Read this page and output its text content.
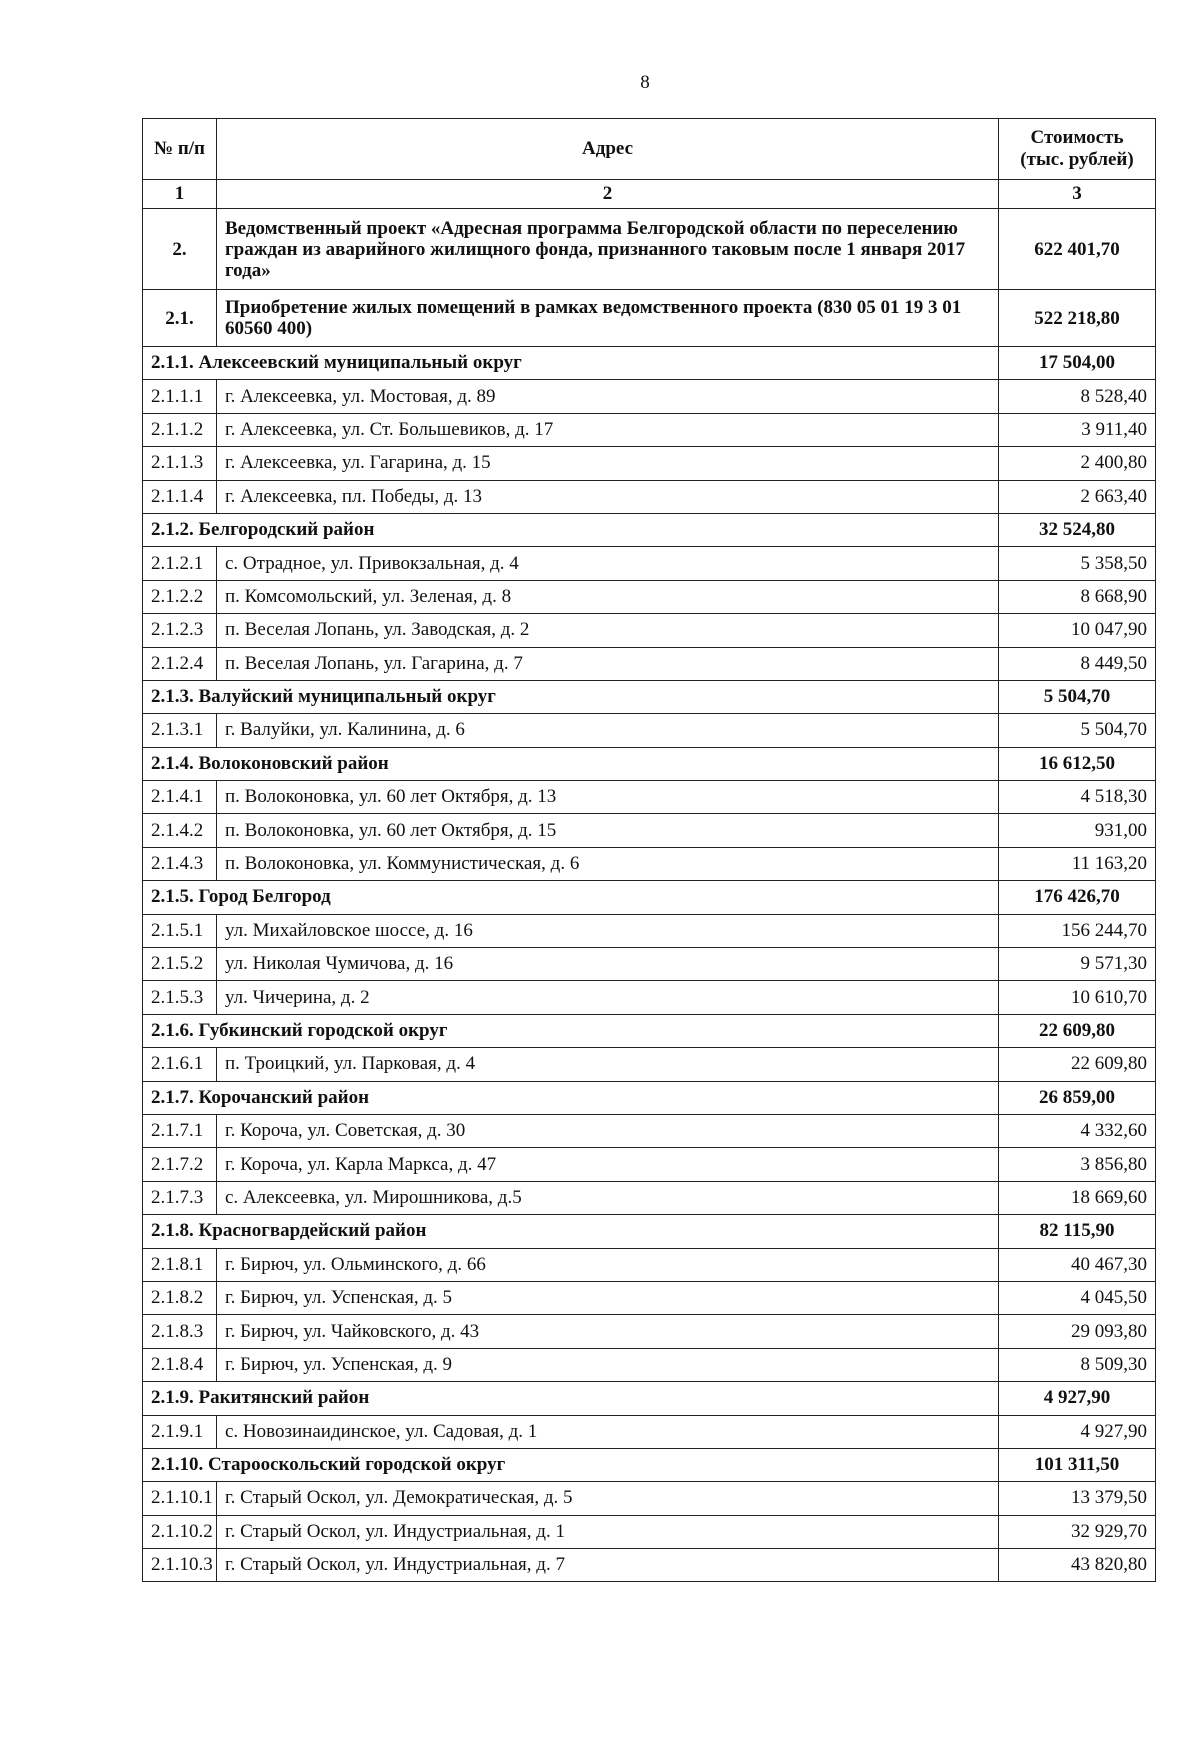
8
№ п/п	Адрес	Стоимость (тыс. рублей)
1	2	3
2.	Ведомственный проект «Адресная программа Белгородской области по переселению граждан из аварийного жилищного фонда, признанного таковым после 1 января 2017 года»	622 401,70
2.1.	Приобретение жилых помещений в рамках ведомственного проекта (830 05 01 19 3 01 60560 400)	522 218,80
2.1.1. Алексеевский муниципальный округ		17 504,00
2.1.1.1	г. Алексеевка, ул. Мостовая, д. 89	8 528,40
2.1.1.2	г. Алексеевка, ул. Ст. Большевиков, д. 17	3 911,40
2.1.1.3	г. Алексеевка, ул. Гагарина, д. 15	2 400,80
2.1.1.4	г. Алексеевка, пл. Победы, д. 13	2 663,40
2.1.2. Белгородский район		32 524,80
2.1.2.1	с. Отрадное, ул. Привокзальная, д. 4	5 358,50
2.1.2.2	п. Комсомольский, ул. Зеленая, д. 8	8 668,90
2.1.2.3	п. Веселая Лопань, ул. Заводская, д. 2	10 047,90
2.1.2.4	п. Веселая Лопань, ул. Гагарина, д. 7	8 449,50
2.1.3. Валуйский муниципальный округ		5 504,70
2.1.3.1	г. Валуйки, ул. Калинина, д. 6	5 504,70
2.1.4. Волоконовский район		16 612,50
2.1.4.1	п. Волоконовка, ул. 60 лет Октября, д. 13	4 518,30
2.1.4.2	п. Волоконовка, ул. 60 лет Октября, д. 15	931,00
2.1.4.3	п. Волоконовка, ул. Коммунистическая, д. 6	11 163,20
2.1.5. Город Белгород		176 426,70
2.1.5.1	ул. Михайловское шоссе, д. 16	156 244,70
2.1.5.2	ул. Николая Чумичова, д. 16	9 571,30
2.1.5.3	ул. Чичерина, д. 2	10 610,70
2.1.6. Губкинский городской округ		22 609,80
2.1.6.1	п. Троицкий, ул. Парковая, д. 4	22 609,80
2.1.7. Корочанский район		26 859,00
2.1.7.1	г. Короча, ул. Советская, д. 30	4 332,60
2.1.7.2	г. Короча, ул. Карла Маркса, д. 47	3 856,80
2.1.7.3	с. Алексеевка, ул. Мирошникова, д.5	18 669,60
2.1.8. Красногвардейский район		82 115,90
2.1.8.1	г. Бирюч, ул. Ольминского, д. 66	40 467,30
2.1.8.2	г. Бирюч, ул. Успенская, д. 5	4 045,50
2.1.8.3	г. Бирюч, ул. Чайковского, д. 43	29 093,80
2.1.8.4	г. Бирюч, ул. Успенская, д. 9	8 509,30
2.1.9. Ракитянский район		4 927,90
2.1.9.1	с. Новозинаидинское, ул. Садовая, д. 1	4 927,90
2.1.10. Старооскольский городской округ		101 311,50
2.1.10.1	г. Старый Оскол, ул. Демократическая, д. 5	13 379,50
2.1.10.2	г. Старый Оскол, ул. Индустриальная, д. 1	32 929,70
2.1.10.3	г. Старый Оскол, ул. Индустриальная, д. 7	43 820,80
